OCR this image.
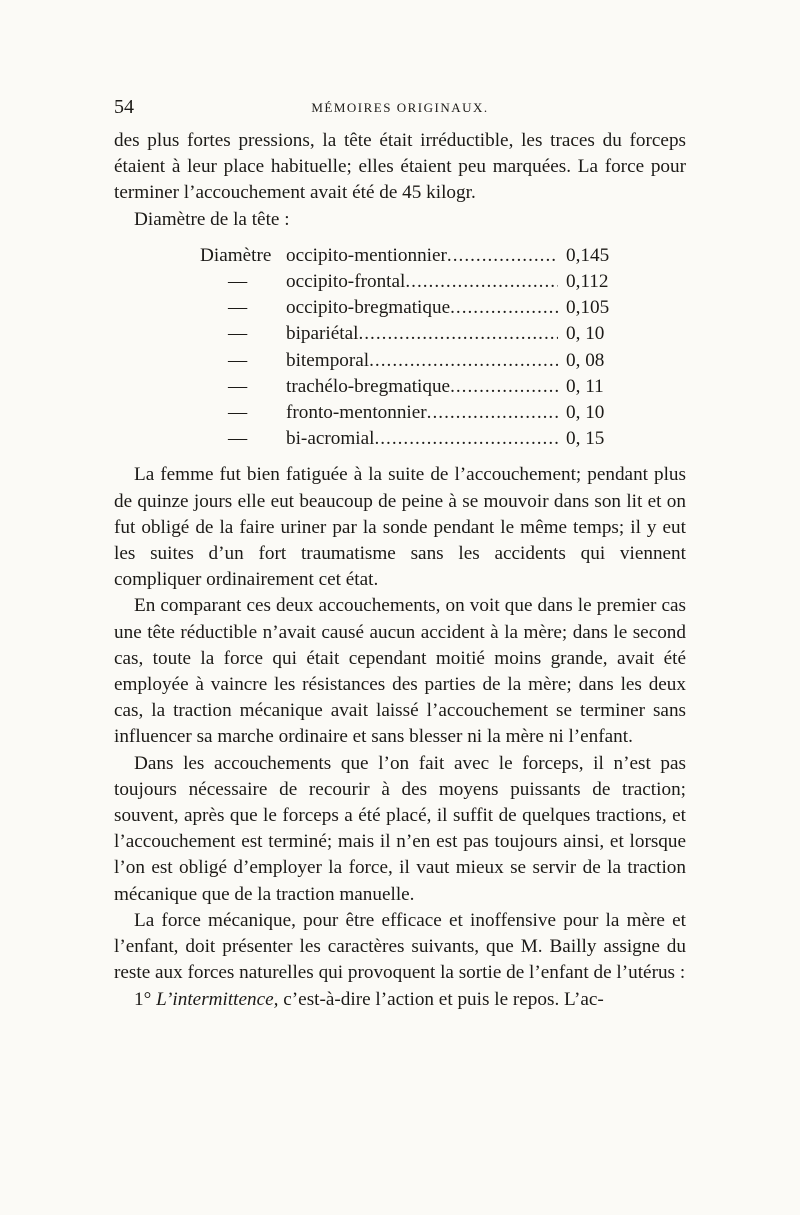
54	MÉMOIRES ORIGINAUX.

des plus fortes pressions, la tête était irréductible, les traces du forceps étaient à leur place habituelle; elles étaient peu marquées. La force pour terminer l’accouchement avait été de 45 kilogr.

Diamètre de la tête :

Diamètre occipito-mentionnier .....	0,145
—	occipito-frontal .....	0,112
—	occipito-bregmatique .....	0,105
—	bipariétal .....	0, 10
—	bitemporal .....	0, 08
—	trachélo-bregmatique .....	0, 11
—	fronto-mentonnier .....	0, 10
—	bi-acromial .....	0, 15

La femme fut bien fatiguée à la suite de l’accouchement; pendant plus de quinze jours elle eut beaucoup de peine à se mouvoir dans son lit et on fut obligé de la faire uriner par la sonde pendant le même temps; il y eut les suites d’un fort traumatisme sans les accidents qui viennent compliquer ordinairement cet état.

En comparant ces deux accouchements, on voit que dans le premier cas une tête réductible n’avait causé aucun accident à la mère; dans le second cas, toute la force qui était cependant moitié moins grande, avait été employée à vaincre les résistances des parties de la mère; dans les deux cas, la traction mécanique avait laissé l’accouchement se terminer sans influencer sa marche ordinaire et sans blesser ni la mère ni l’enfant.

Dans les accouchements que l’on fait avec le forceps, il n’est pas toujours nécessaire de recourir à des moyens puissants de traction; souvent, après que le forceps a été placé, il suffit de quelques tractions, et l’accouchement est terminé; mais il n’en est pas toujours ainsi, et lorsque l’on est obligé d’employer la force, il vaut mieux se servir de la traction mécanique que de la traction manuelle.

La force mécanique, pour être efficace et inoffensive pour la mère et l’enfant, doit présenter les caractères suivants, que M. Bailly assigne du reste aux forces naturelles qui provoquent la sortie de l’enfant de l’utérus :

1° L’intermittence, c’est-à-dire l’action et puis le repos. L’ac-
